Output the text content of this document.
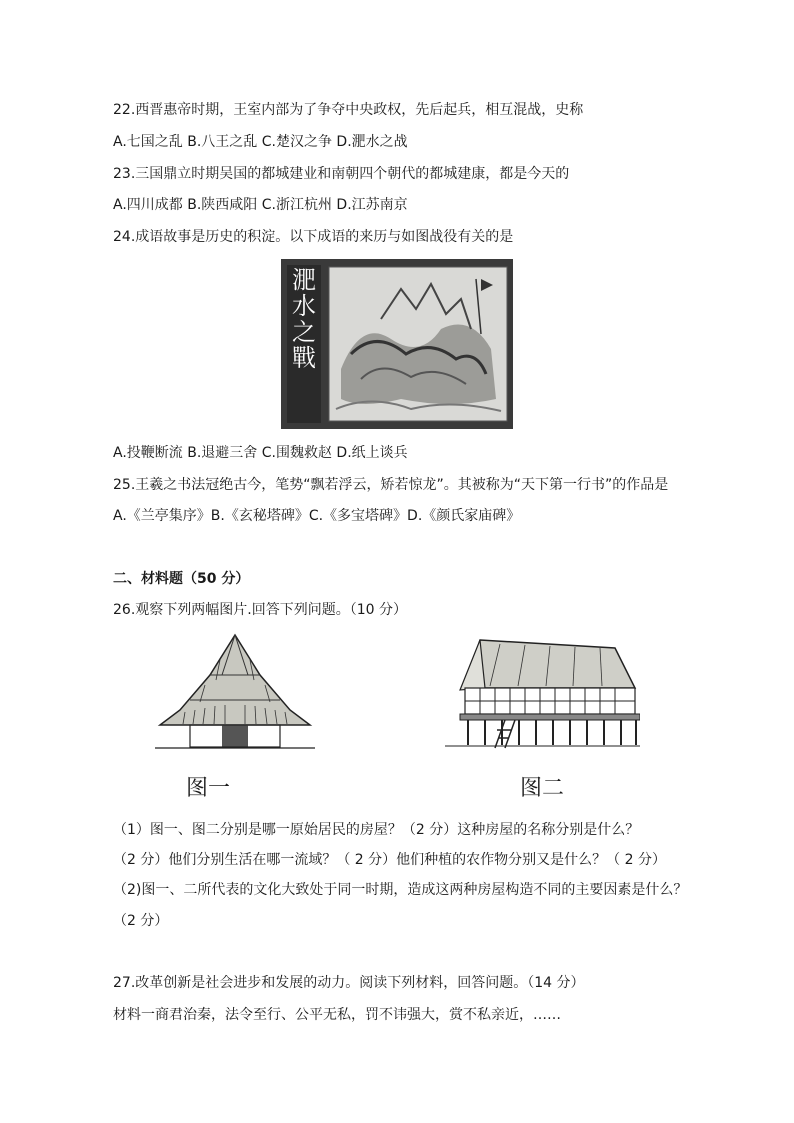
22.西晋惠帝时期，王室内部为了争夺中央政权，先后起兵，相互混战，史称
A.七国之乱 B.八王之乱 C.楚汉之争 D.淝水之战
23.三国鼎立时期吴国的都城建业和南朝四个朝代的都城建康，都是今天的
A.四川成都 B.陕西咸阳 C.浙江杭州 D.江苏南京
24.成语故事是历史的积淀。以下成语的来历与如图战役有关的是
淝水之戰
A.投鞭断流 B.退避三舍 C.围魏救赵 D.纸上谈兵
25.王羲之书法冠绝古今，笔势“飘若浮云，矫若惊龙”。其被称为“天下第一行书”的作品是
A.《兰亭集序》B.《玄秘塔碑》C.《多宝塔碑》D.《颜氏家庙碑》
二、材料题（50 分）
26.观察下列两幅图片.回答下列问题。（10 分）
图一	图二
（1）图一、图二分别是哪一原始居民的房屋？（2 分）这种房屋的名称分别是什么？
（2 分）他们分别生活在哪一流域？（ 2 分）他们种植的农作物分别又是什么？（ 2 分）
（2)图一、二所代表的文化大致处于同一时期，造成这两种房屋构造不同的主要因素是什么？
（2 分）
27.改革创新是社会进步和发展的动力。阅读下列材料，回答问题。（14 分）
材料一商君治秦，法令至行、公平无私，罚不讳强大，赏不私亲近，……
